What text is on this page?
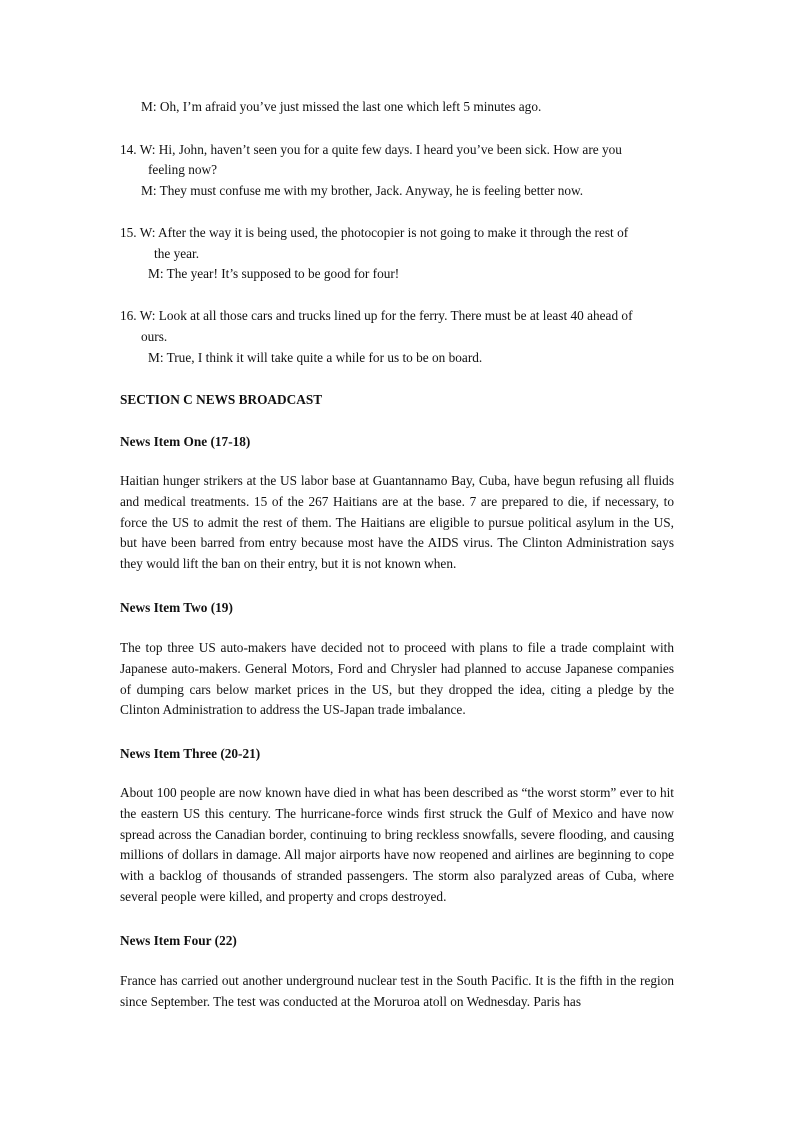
M: Oh, I’m afraid you’ve just missed the last one which left 5 minutes ago.
14. W: Hi, John, haven’t seen you for a quite few days. I heard you’ve been sick. How are you
feeling now?
M: They must confuse me with my brother, Jack. Anyway, he is feeling better now.
15. W: After the way it is being used, the photocopier is not going to make it through the rest of
the year.
M: The year! It’s supposed to be good for four!
16. W: Look at all those cars and trucks lined up for the ferry. There must be at least 40 ahead of
ours.
M: True, I think it will take quite a while for us to be on board.
SECTION C NEWS BROADCAST
News Item One (17-18)
Haitian hunger strikers at the US labor base at Guantannamo Bay, Cuba, have begun refusing all fluids and medical treatments. 15 of the 267 Haitians are at the base. 7 are prepared to die, if necessary, to force the US to admit the rest of them. The Haitians are eligible to pursue political asylum in the US, but have been barred from entry because most have the AIDS virus. The Clinton Administration says they would lift the ban on their entry, but it is not known when.
News Item Two (19)
The top three US auto-makers have decided not to proceed with plans to file a trade complaint with Japanese auto-makers. General Motors, Ford and Chrysler had planned to accuse Japanese companies of dumping cars below market prices in the US, but they dropped the idea, citing a pledge by the Clinton Administration to address the US-Japan trade imbalance.
News Item Three (20-21)
About 100 people are now known have died in what has been described as “the worst storm” ever to hit the eastern US this century. The hurricane-force winds first struck the Gulf of Mexico and have now spread across the Canadian border, continuing to bring reckless snowfalls, severe flooding, and causing millions of dollars in damage. All major airports have now reopened and airlines are beginning to cope with a backlog of thousands of stranded passengers. The storm also paralyzed areas of Cuba, where several people were killed, and property and crops destroyed.
News Item Four (22)
France has carried out another underground nuclear test in the South Pacific. It is the fifth in the region since September. The test was conducted at the Moruroa atoll on Wednesday. Paris has
